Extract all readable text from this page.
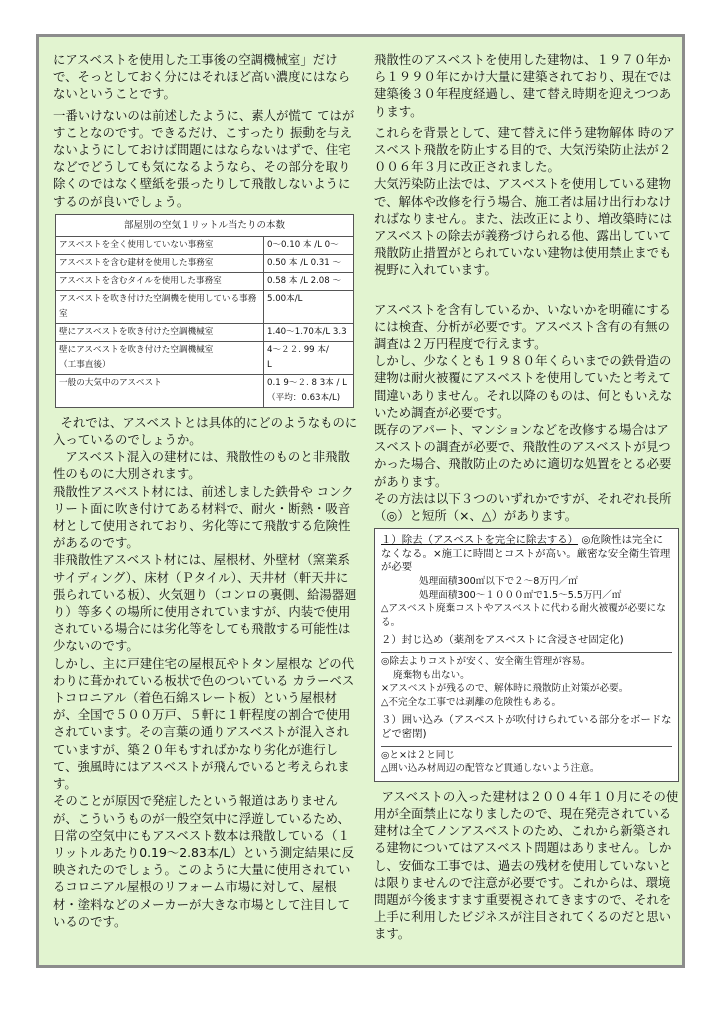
にアスベストを使用した工事後の空調機械室」だけで、そっとしておく分にはそれほど高い濃度にはならないということです。

一番いけないのは前述したように、素人が慌て てはがすことなのです。できるだけ、こすったり 振動を与えないようにしておけば問題にはならないはずで、住宅などでどうしても気になるようなら、その部分を取り除くのではなく壁紙を張ったりして飛散しないようにするのが良いでしょう。

部屋別の空気１リットル当たりの本数	
アスベストを全く使用していない事務室	0～0.10 本 /L 0～
アスベストを含む建材を使用した事務室	0.50 本 /L 0.31 ～
アスベストを含むタイルを使用した事務室	0.58 本 /L 2.08 ～
アスベストを吹き付けた空調機を使用している事務室	5.00本/L
壁にアスベストを吹き付けた空調機械室	1.40～1.70本/L 3.3
壁にアスベストを吹き付けた空調機械室
（工事直後）	4～２２. 99 本/
L
一般の大気中のアスベスト	0.1 9～２. 8 3本 / L
（平均：0.63本/L)

それでは、アスベストとは具体的にどのようなものに入っているのでしょうか。

アスベスト混入の建材には、飛散性のものと非飛散性のものに大別されます。

飛散性アスベスト材には、前述しました鉄骨や コンクリート面に吹き付けてある材料で、耐火・断熱・吸音材として使用されており、劣化等にて飛散する危険性があるのです。

非飛散性アスベスト材には、屋根材、外壁材（窯業系サイディング）、床材（Ｐタイル）、天井材（軒天井に張られている板）、火気廻り（コンロの裏側、給湯器廻り）等多くの場所に使用されていますが、内装で使用されている場合には劣化等をしても飛散する可能性は少ないのです。

しかし、主に戸建住宅の屋根瓦やトタン屋根な どの代わりに葺かれている板状で色のついている カラーベストコロニアル（着色石綿スレート板）という屋根材が、全国で５００万戸、５軒に１軒程度の割合で使用されています。その言葉の通りアスベストが混入されていますが、築２０年もすればかなり劣化が進行して、強風時にはアスベストが飛んでいると考えられます。

そのことが原因で発症したという報道はありませんが、こういうものが一般空気中に浮遊しているため、日常の空気中にもアスベスト数本は飛散している（１リットルあたり0.19～2.83本/L）という測定結果に反映されたのでしょう。このように大量に使用されているコロニアル屋根のリフォーム市場に対して、屋根材・塗料などのメーカーが大きな市場として注目しているのです。

飛散性のアスベストを使用した建物は、１９７０年から１９９０年にかけ大量に建築されており、現在では建築後３０年程度経過し、建て替え時期を迎えつつあります。

これらを背景として、建て替えに伴う建物解体 時のアスベスト飛散を防止する目的で、大気汚染防止法が２００６年３月に改正されました。

大気汚染防止法では、アスベストを使用している建物で、解体や改修を行う場合、施工者は届け出行わなければなりません。また、法改正により、増改築時にはアスベストの除去が義務づけられる他、露出していて飛散防止措置がとられていない建物は使用禁止までも視野に入れています。

アスベストを含有しているか、いないかを明確にするには検査、分析が必要です。アスベスト含有の有無の調査は２万円程度で行えます。

しかし、少なくとも１９８０年くらいまでの鉄骨造の建物は耐火被覆にアスベストを使用していたと考えて間違いありません。それ以降のものは、何ともいえないため調査が必要です。

既存のアパート、マンションなどを改修する場合はアスベストの調査が必要で、飛散性のアスベストが見つかった場合、飛散防止のために適切な処置をとる必要があります。

その方法は以下３つのいずれかですが、それぞれ長所（◎）と短所（×、△）があります。

１）除去（アスベストを完全に除去する） ◎危険性は完全になくなる。×施工に時間とコストが高い。厳密な安全衛生管理が必要

処理面積300㎡以下で２～8万円／㎡

処理面積300～１０００㎡で1.5～5.5万円／㎡

△アスベスト廃棄コストやアスベストに代わる耐火被覆が必要になる。

２）封じ込め（薬剤をアスベストに含浸させ固定化)

◎除去よりコストが安く、安全衛生管理が容易。

廃棄物も出ない。

×アスベストが残るので、解体時に飛散防止対策が必要。

△不完全な工事では剥離の危険性もある。

３）囲い込み（アスベストが吹付けられている部分をボードなどで密閉)

◎と×は２と同じ

△囲い込み材周辺の配管など貫通しないよう注意。

アスベストの入った建材は２００４年１０月にその使用が全面禁止になりましたので、現在発売されている建材は全てノンアスベストのため、これから新築される建物についてはアスベスト問題はありません。しかし、安価な工事では、過去の残材を使用していないとは限りませんので注意が必要です。これからは、環境問題が今後ますます重要視されてきますので、それを上手に利用したビジネスが注目されてくるのだと思います。
